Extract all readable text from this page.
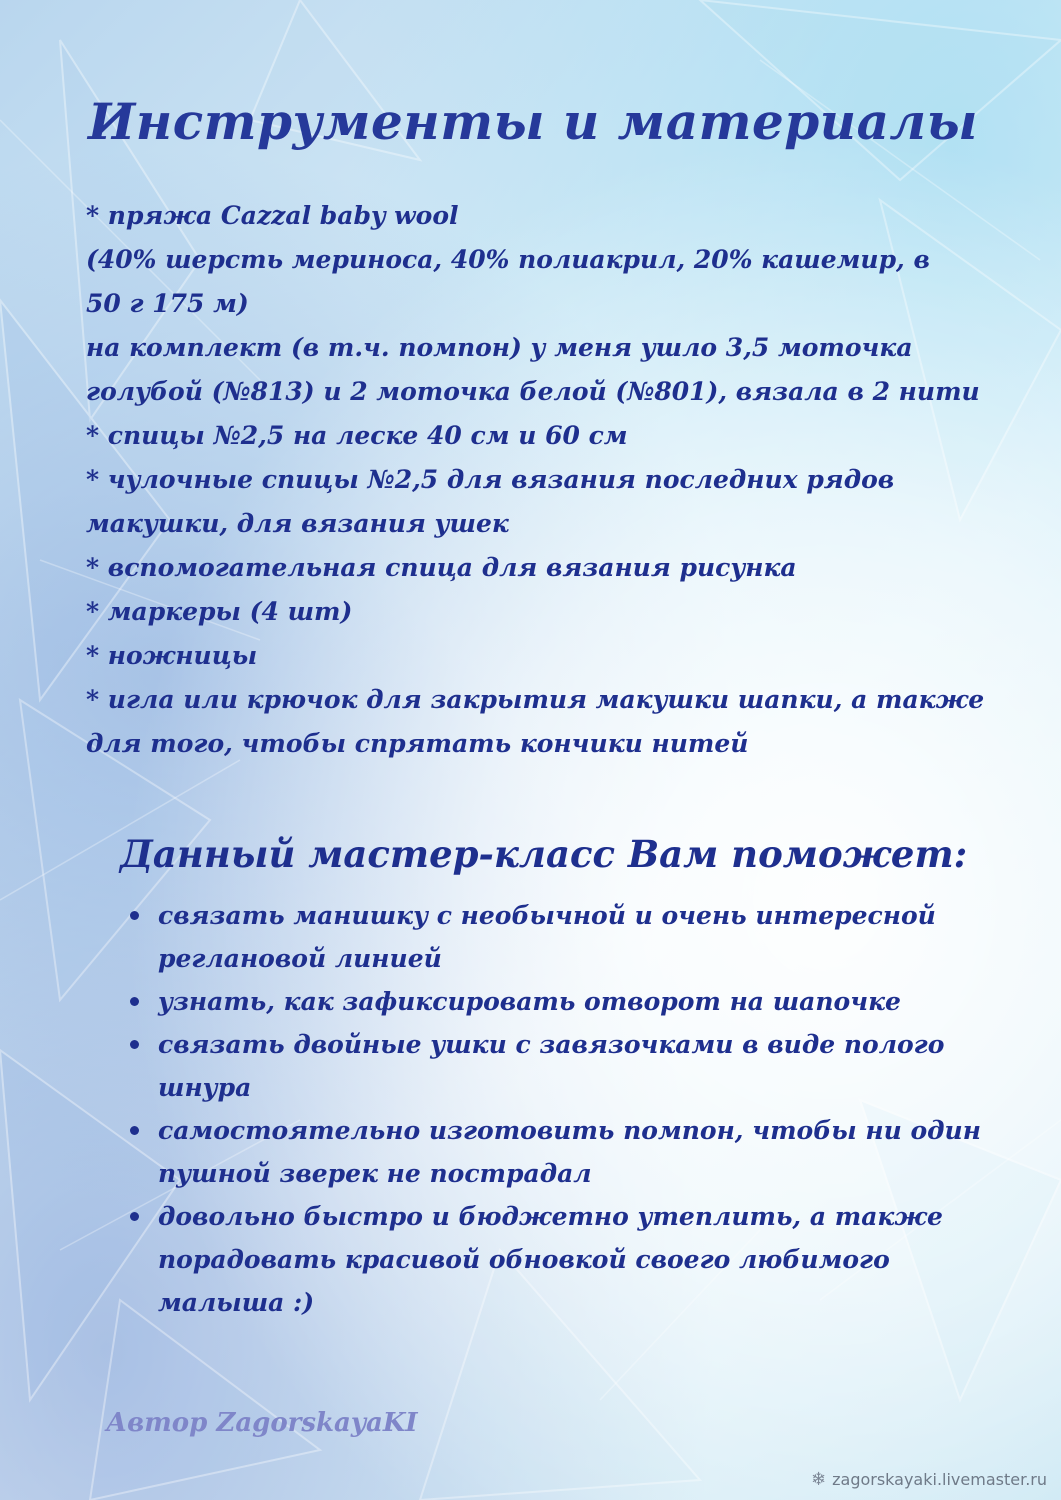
Инструменты и материалы
* пряжа Cazzal baby wool
(40% шерсть мериноса, 40% полиакрил, 20% кашемир, в
50 г 175 м)
на комплект (в т.ч. помпон) у меня ушло 3,5 моточка
голубой (№813) и 2 моточка белой (№801), вязала в 2 нити
* спицы №2,5 на леске 40 см и 60 см
* чулочные спицы №2,5 для вязания последних рядов
макушки, для вязания ушек
* вспомогательная спица для вязания рисунка
* маркеры (4 шт)
* ножницы
* игла или крючок для закрытия макушки шапки, а также
для того, чтобы спрятать кончики нитей
Данный мастер-класс Вам поможет:
связать манишку с необычной и очень интересной
реглановой линией
узнать, как зафиксировать отворот на шапочке
связать двойные ушки с завязочками в виде полого
шнура
самостоятельно изготовить помпон, чтобы ни один
пушной зверек не пострадал
довольно быстро и бюджетно утеплить, а также
порадовать красивой обновкой своего любимого
малыша :)
Автор ZagorskayaKI
❄ zagorskayaki.livemaster.ru
